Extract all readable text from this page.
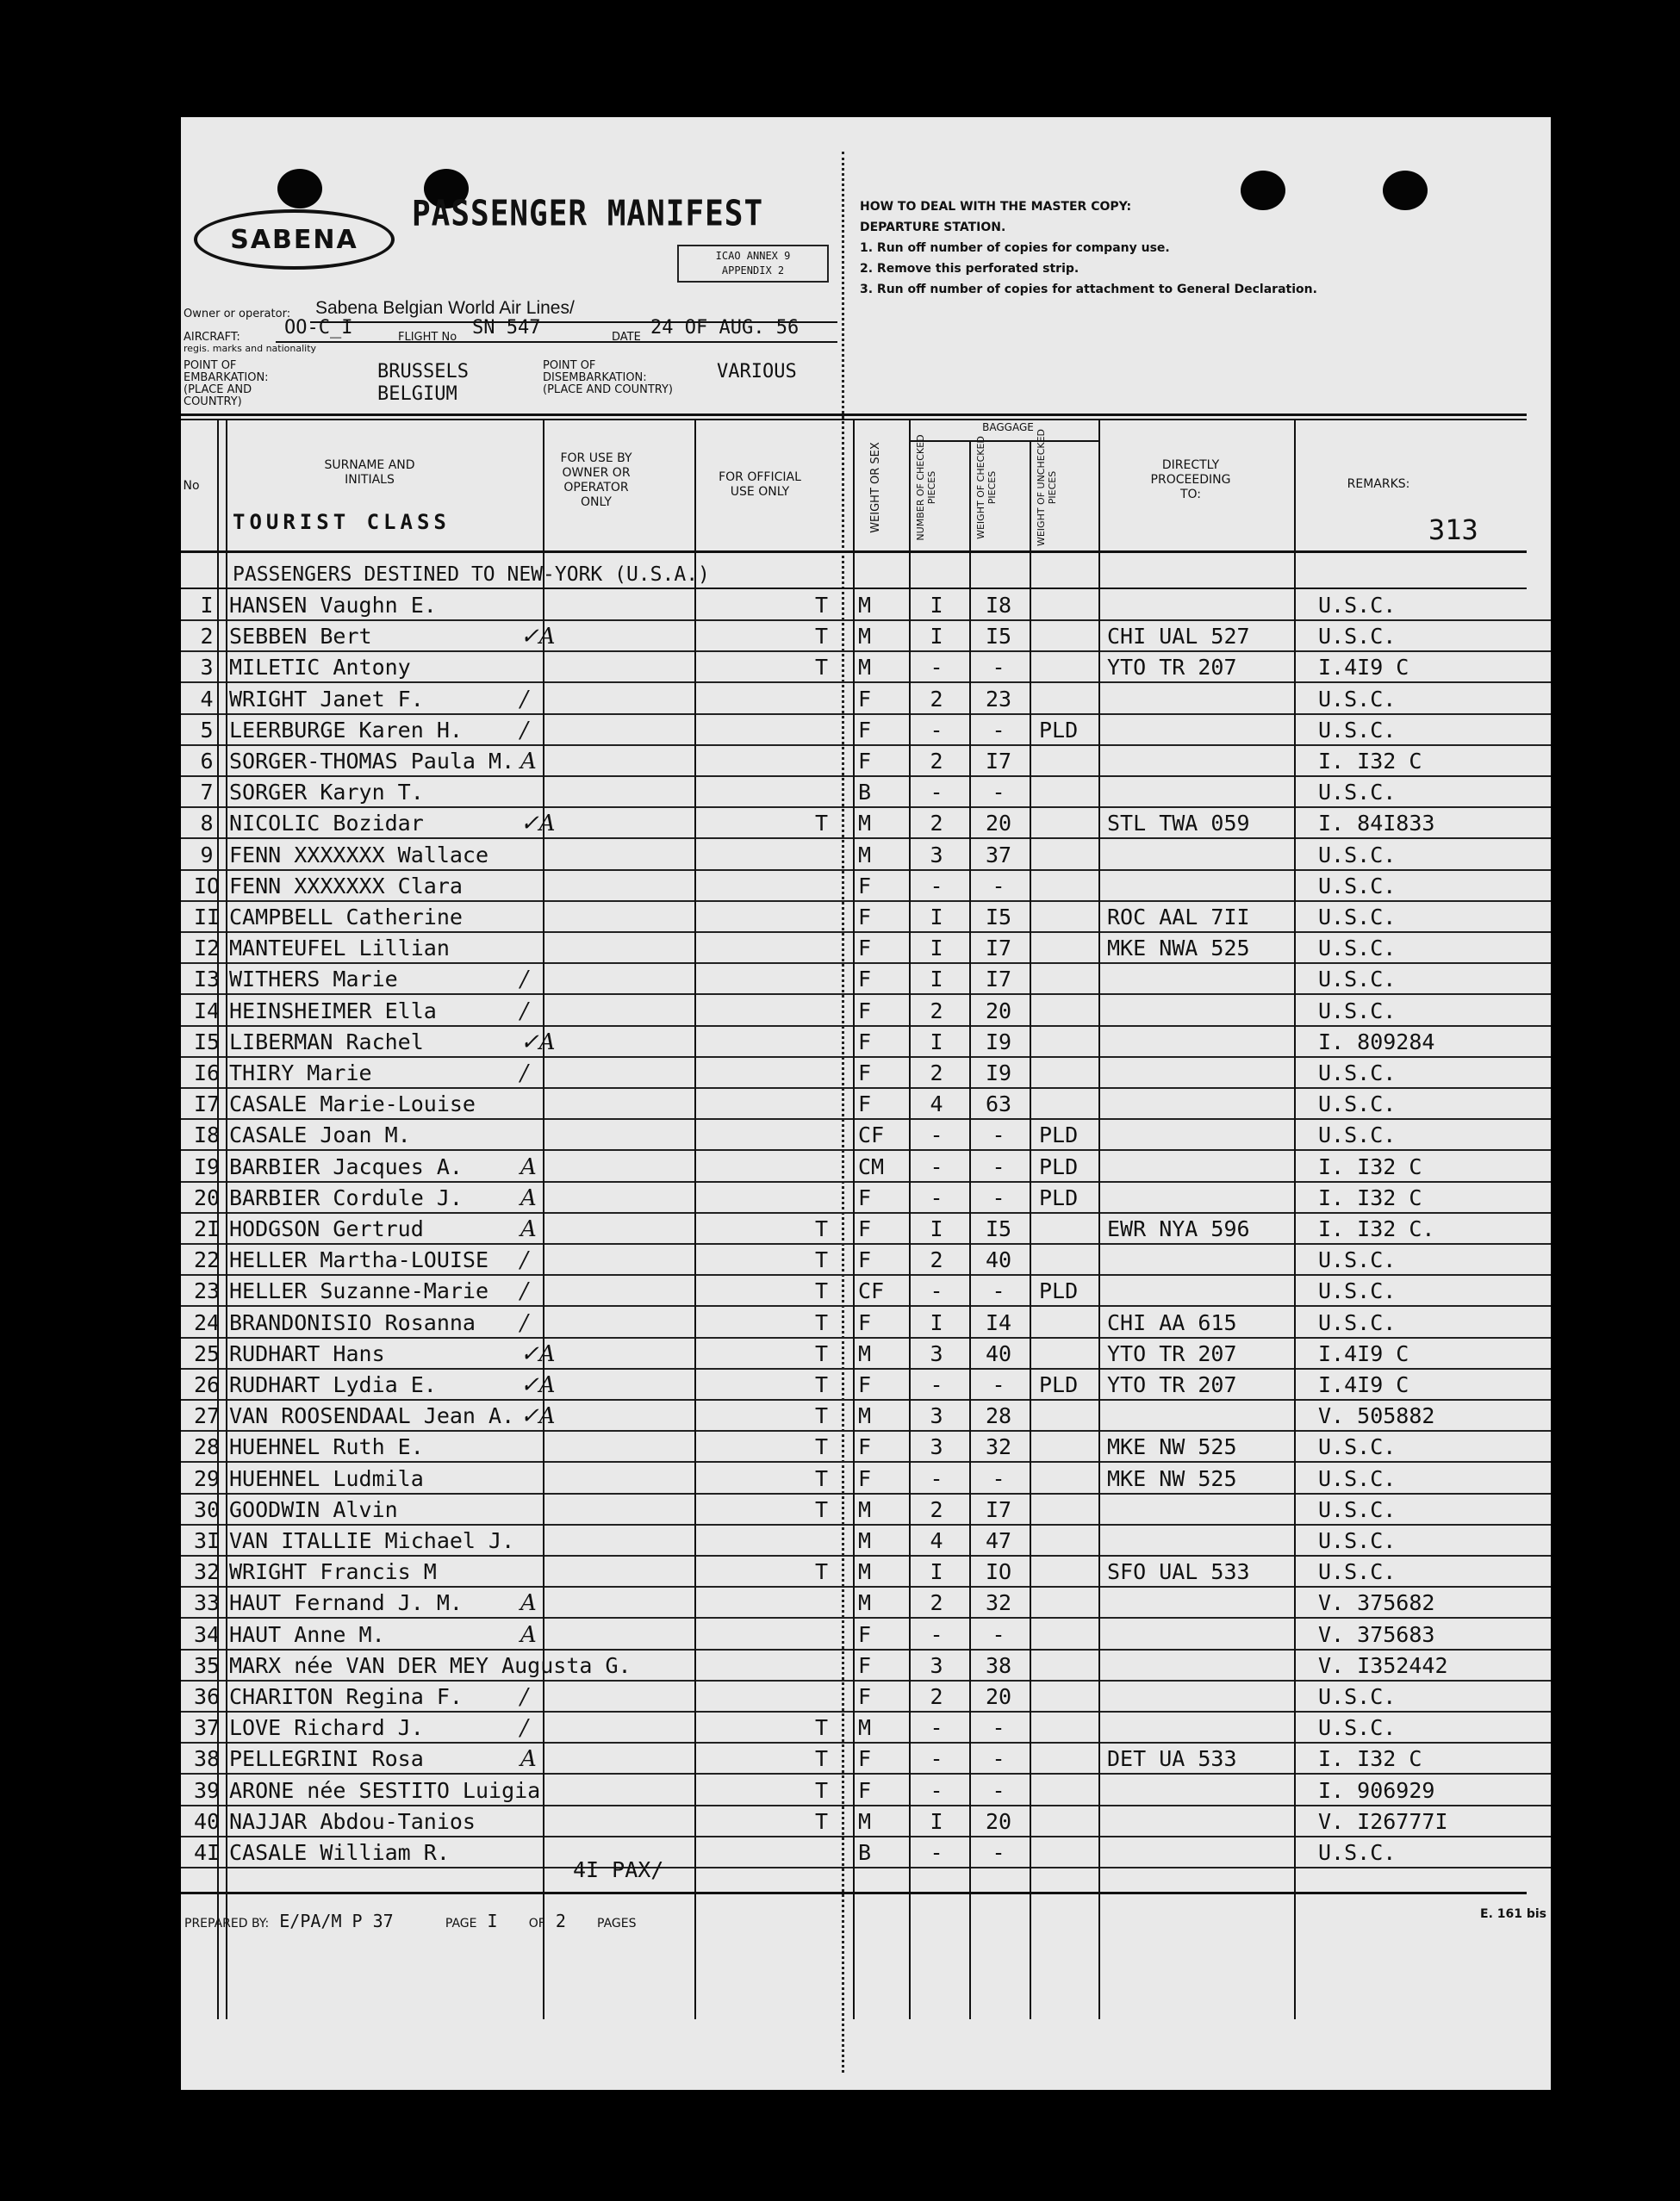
SABENA
PASSENGER MANIFEST
ICAO ANNEX 9
APPENDIX 2
Owner or operator: Sabena Belgian World Air Lines/
AIRCRAFT:
regis. marks and nationality
OO-C_I	FLIGHT No SN 547	DATE 24 OF AUG. 56
POINT OF EMBARKATION:
(PLACE AND COUNTRY)
BRUSSELS
BELGIUM
POINT OF DISEMBARKATION:
(PLACE AND COUNTRY)
VARIOUS
HOW TO DEAL WITH THE MASTER COPY:
DEPARTURE STATION.
1. Run off number of copies for company use.
2. Remove this perforated strip.
3. Run off number of copies for attachment to General Declaration.
No
SURNAME AND INITIALS
FOR USE BY OWNER OR OPERATOR ONLY
FOR OFFICIAL USE ONLY	WEIGHT OR SEX
BAGGAGE
NUMBER OF CHECKED PIECES	WEIGHT OF CHECKED PIECES	WEIGHT OF UNCHECKED PIECES
DIRECTLY PROCEEDING TO:
REMARKS:
TOURIST CLASS	313
PASSENGERS DESTINED TO NEW-YORK (U.S.A.)
I HANSEN Vaughn E.	T M	I	I8	U.S.C.
2 SEBBEN Bert	✓A	T M	I	I5	CHI UAL 527	U.S.C.
3 MILETIC Antony	T M	-	-	YTO TR 207	I.4I9 C
4 WRIGHT Janet F.	/	F	2	23	U.S.C.
5 LEERBURGE Karen H.	/	F	-	-	PLD	U.S.C.
6 SORGER-THOMAS Paula M. A	F	2	I7	I. I32 C
7 SORGER Karyn T.	B	-	-	U.S.C.
8 NICOLIC Bozidar	✓A	T M	2	20	STL TWA 059	I. 84I833
9 FENN XXXXXXX Wallace	M	3	37	U.S.C.
IO FENN XXXXXXX Clara	F	-	-	U.S.C.
II CAMPBELL Catherine	F	I	I5	ROC AAL 7II	U.S.C.
I2 MANTEUFEL Lillian	F	I	I7	MKE NWA 525	U.S.C.
I3 WITHERS Marie	/	F	I	I7	U.S.C.
I4 HEINSHEIMER Ella	/	F	2	20	U.S.C.
I5 LIBERMAN Rachel	✓A	F	I	I9	I. 809284
I6 THIRY Marie	/	F	2	I9	U.S.C.
I7 CASALE Marie-Louise	F	4	63	U.S.C.
I8 CASALE Joan M.	CF	-	-	PLD	U.S.C.
I9 BARBIER Jacques A.	A	CM	-	-	PLD	I. I32 C
20 BARBIER Cordule J.	A	F	-	-	PLD	I. I32 C
2I HODGSON Gertrud	A	T F	I	I5	EWR NYA 596	I. I32 C.
22 HELLER Martha-LOUISE /	T F	2	40	U.S.C.
23 HELLER Suzanne-Marie /	T CF	-	-	PLD	U.S.C.
24 BRANDONISIO Rosanna /	T F	I	I4	CHI AA 615	U.S.C.
25 RUDHART Hans	✓A	T M	3	40	YTO TR 207	I.4I9 C
26 RUDHART Lydia E.	✓A	T F	-	-	PLD YTO TR 207	I.4I9 C
27 VAN ROOSENDAAL Jean A. ✓A	T M	3	28	V. 505882
28 HUEHNEL Ruth E.	T F	3	32	MKE NW 525	U.S.C.
29 HUEHNEL Ludmila	T F	-	-	MKE NW 525	U.S.C.
30 GOODWIN Alvin	T M	2	I7	U.S.C.
3I VAN ITALLIE Michael J.	M	4	47	U.S.C.
32 WRIGHT Francis M	T M	I	IO	SFO UAL 533	U.S.C.
33 HAUT Fernand J. M.	A	M	2	32	V. 375682
34 HAUT Anne M.	A	F	-	-	V. 375683
35 MARX née VAN DER MEY Augusta G.	F	3	38	V. I352442
36 CHARITON Regina F.	/	F	2	20	U.S.C.
37 LOVE Richard J.	/	T M	-	-	U.S.C.
38 PELLEGRINI Rosa	A	T F	-	-	DET UA 533	I. I32 C
39 ARONE née SESTITO Luigia	T F	-	-	I. 906929
40 NAJJAR Abdou-Tanios	T M	I	20	V. I26777I
4I CASALE William R.	B	-	-	U.S.C.
4I PAX/
PREPARED BY: E/PA/M P 37	PAGE I	OF 2	PAGES
E. 161 bis
